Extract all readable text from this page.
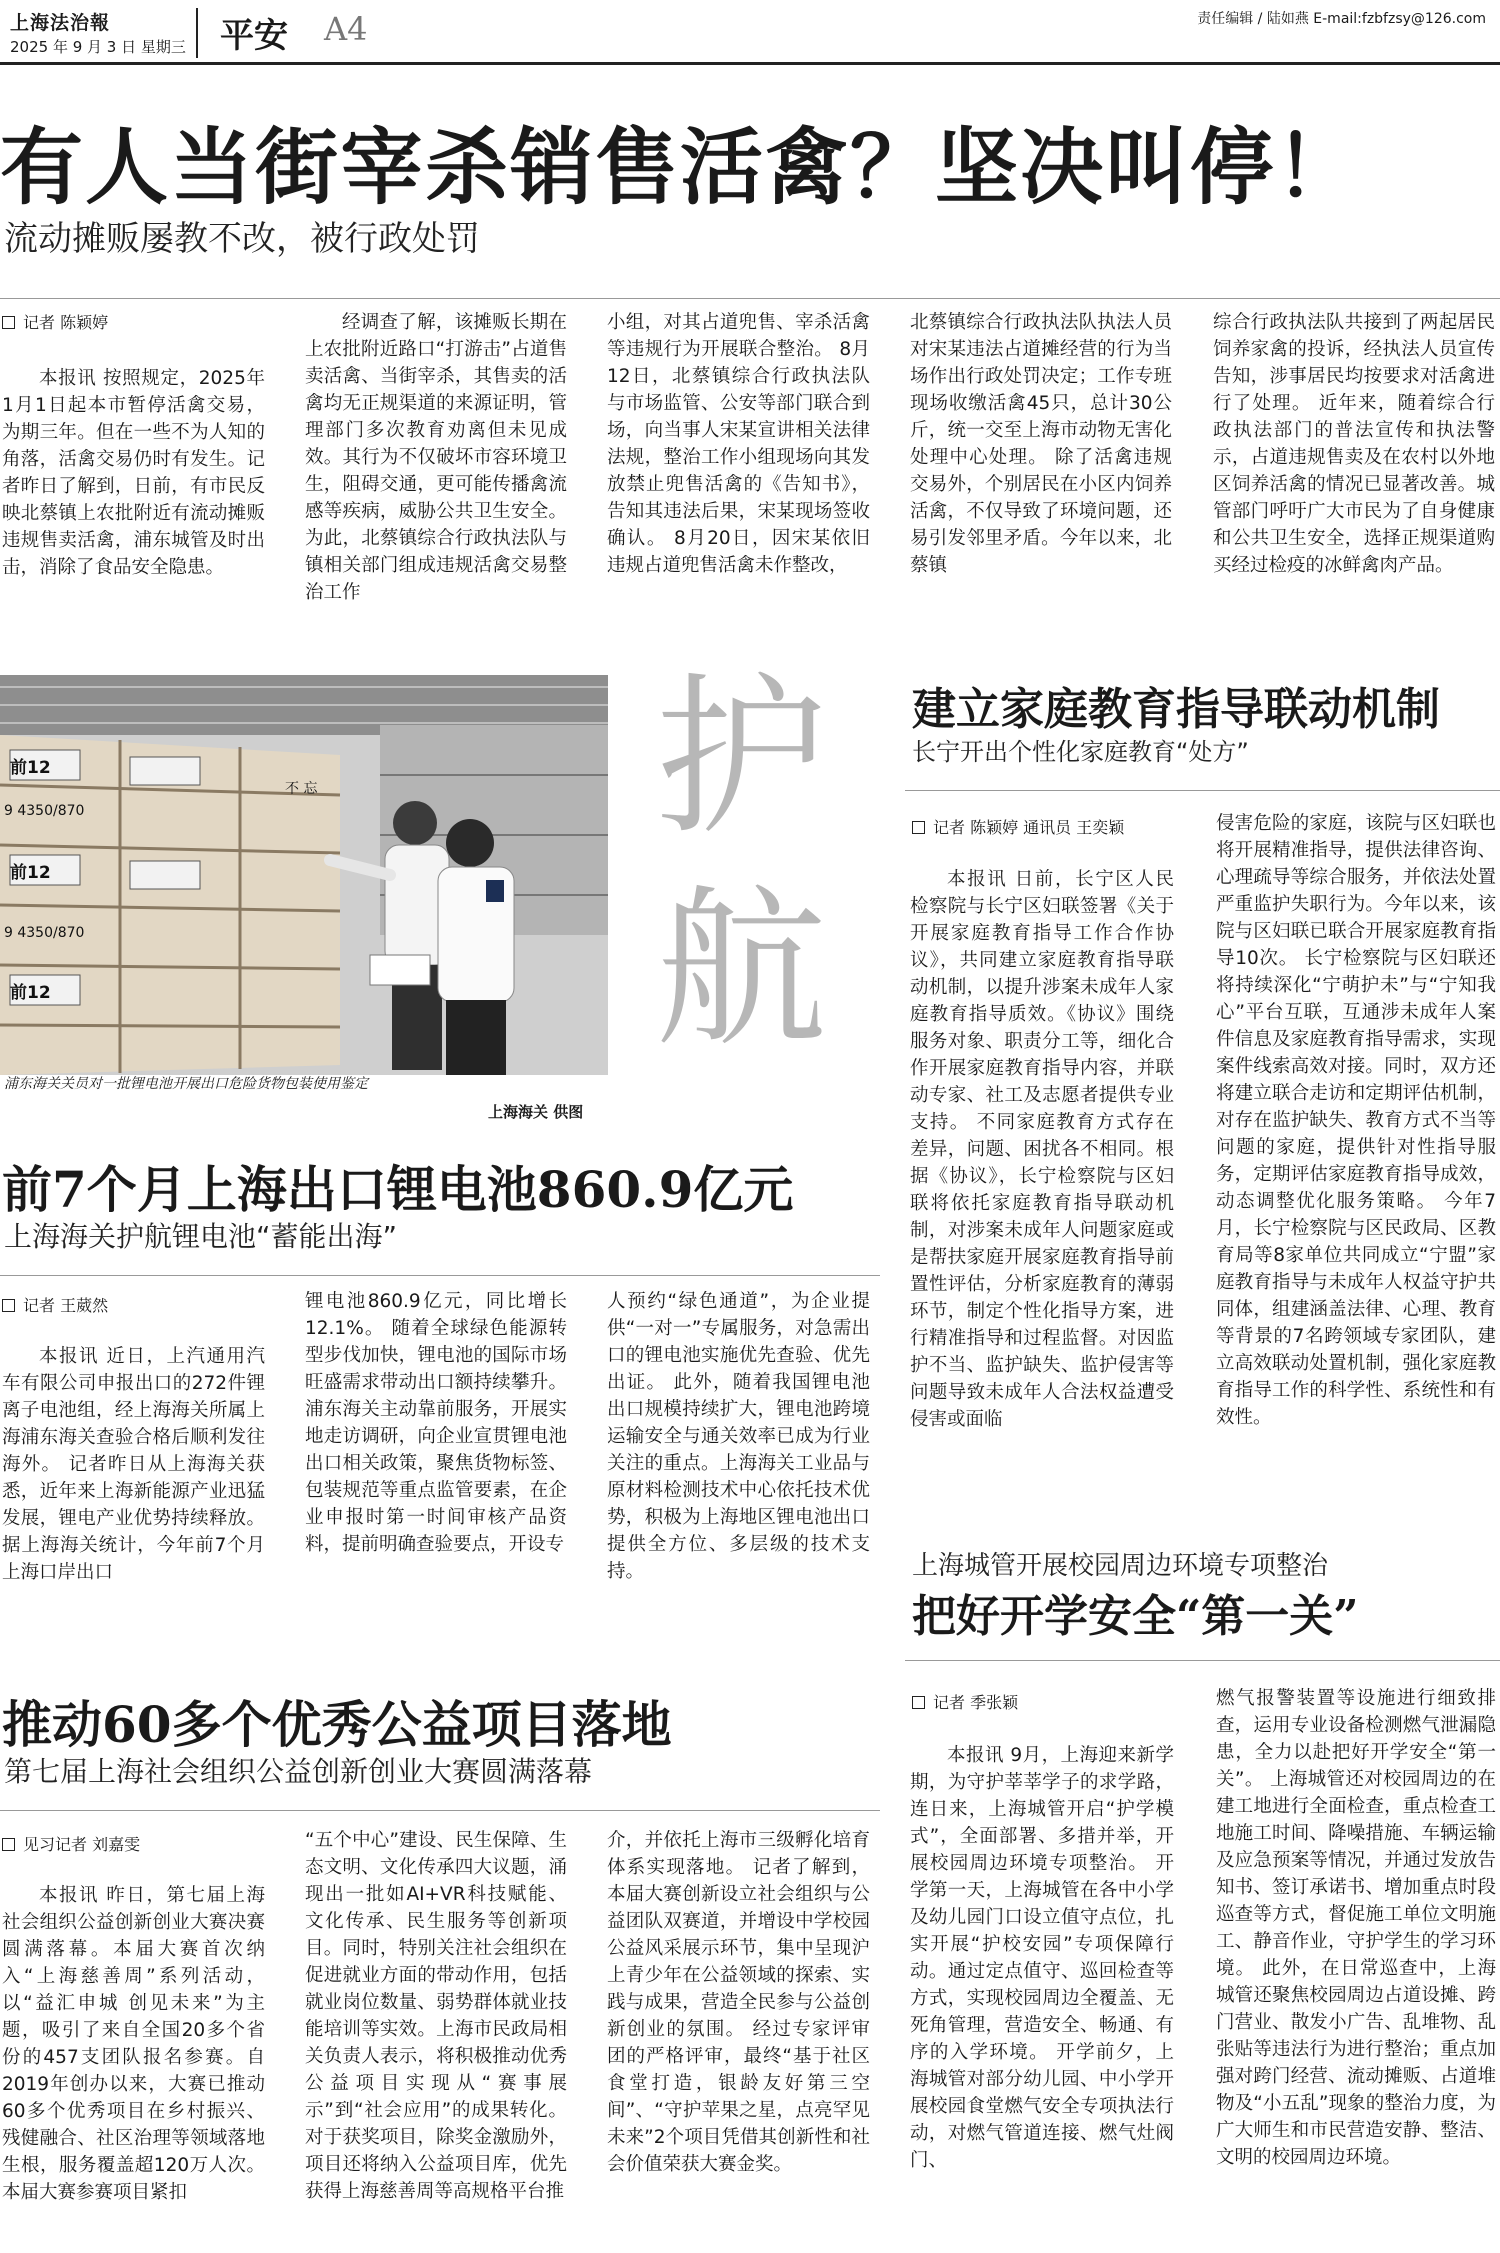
上海法治報
2025 年 9 月 3 日 星期三 平安 A4	责任编辑 / 陆如燕 E-mail:fzbfzsy@126.com
有人当街宰杀销售活禽？坚决叫停！
流动摊贩屡教不改，被行政处罚
记者 陈颖婷

本报讯 按照规定，2025年1月1日起本市暂停活禽交易，为期三年。但在一些不为人知的角落，活禽交易仍时有发生。记者昨日了解到，日前，有市民反映北蔡镇上农批附近有流动摊贩违规售卖活禽，浦东城管及时出击，消除了食品安全隐患。

经调查了解，该摊贩长期在上农批附近路口“打游击”占道售卖活禽、当街宰杀，其售卖的活禽均无正规渠道的来源证明，管理部门多次教育劝离但未见成效。其行为不仅破坏市容环境卫生，阻碍交通，更可能传播禽流感等疾病，威胁公共卫生安全。为此，北蔡镇综合行政执法队与镇相关部门组成违规活禽交易整治工作

小组，对其占道兜售、宰杀活禽等违规行为开展联合整治。 8月12日，北蔡镇综合行政执法队与市场监管、公安等部门联合到场，向当事人宋某宣讲相关法律法规，整治工作小组现场向其发放禁止兜售活禽的《告知书》，告知其违法后果，宋某现场签收确认。 8月20日，因宋某依旧违规占道兜售活禽未作整改，

北蔡镇综合行政执法队执法人员对宋某违法占道摊经营的行为当场作出行政处罚决定；工作专班现场收缴活禽45只，总计30公斤，统一交至上海市动物无害化处理中心处理。 除了活禽违规交易外，个别居民在小区内饲养活禽，不仅导致了环境问题，还易引发邻里矛盾。今年以来，北蔡镇

综合行政执法队共接到了两起居民饲养家禽的投诉，经执法人员宣传告知，涉事居民均按要求对活禽进行了处理。 近年来，随着综合行政执法部门的普法宣传和执法警示，占道违规售卖及在农村以外地区饲养活禽的情况已显著改善。城管部门呼吁广大市民为了自身健康和公共卫生安全，选择正规渠道购买经过检疫的冰鲜禽肉产品。

前12
前12
前12
9 4350/870
9 4350/870
不 忘
浦东海关关员对一批锂电池开展出口危险货物包装使用鉴定
上海海关 供图
护
航
前7个月上海出口锂电池860.9亿元
上海海关护航锂电池“蓄能出海”
记者 王葳然

本报讯 近日，上汽通用汽车有限公司申报出口的272件锂离子电池组，经上海海关所属上海浦东海关查验合格后顺利发往海外。 记者昨日从上海海关获悉，近年来上海新能源产业迅猛发展，锂电产业优势持续释放。据上海海关统计，今年前7个月上海口岸出口

锂电池860.9亿元，同比增长12.1%。 随着全球绿色能源转型步伐加快，锂电池的国际市场旺盛需求带动出口额持续攀升。浦东海关主动靠前服务，开展实地走访调研，向企业宣贯锂电池出口相关政策，聚焦货物标签、包装规范等重点监管要素，在企业申报时第一时间审核产品资料，提前明确查验要点，开设专

人预约“绿色通道”，为企业提供“一对一”专属服务，对急需出口的锂电池实施优先查验、优先出证。 此外，随着我国锂电池出口规模持续扩大，锂电池跨境运输安全与通关效率已成为行业关注的重点。上海海关工业品与原材料检测技术中心依托技术优势，积极为上海地区锂电池出口提供全方位、多层级的技术支持。

建立家庭教育指导联动机制
长宁开出个性化家庭教育“处方”
记者 陈颖婷 通讯员 王奕颖

本报讯 日前，长宁区人民检察院与长宁区妇联签署《关于开展家庭教育指导工作合作协议》，共同建立家庭教育指导联动机制，以提升涉案未成年人家庭教育指导质效。《协议》围绕服务对象、职责分工等，细化合作开展家庭教育指导内容，并联动专家、社工及志愿者提供专业支持。 不同家庭教育方式存在差异，问题、困扰各不相同。根据《协议》，长宁检察院与区妇联将依托家庭教育指导联动机制，对涉案未成年人问题家庭或是帮扶家庭开展家庭教育指导前置性评估，分析家庭教育的薄弱环节，制定个性化指导方案，进行精准指导和过程监督。对因监护不当、监护缺失、监护侵害等问题导致未成年人合法权益遭受侵害或面临

侵害危险的家庭，该院与区妇联也将开展精准指导，提供法律咨询、心理疏导等综合服务，并依法处置严重监护失职行为。今年以来，该院与区妇联已联合开展家庭教育指导10次。 长宁检察院与区妇联还将持续深化“宁萌护未”与“宁知我心”平台互联，互通涉未成年人案件信息及家庭教育指导需求，实现案件线索高效对接。同时，双方还将建立联合走访和定期评估机制，对存在监护缺失、教育方式不当等问题的家庭，提供针对性指导服务，定期评估家庭教育指导成效，动态调整优化服务策略。 今年7月，长宁检察院与区民政局、区教育局等8家单位共同成立“宁盟”家庭教育指导与未成年人权益守护共同体，组建涵盖法律、心理、教育等背景的7名跨领域专家团队，建立高效联动处置机制，强化家庭教育指导工作的科学性、系统性和有效性。

上海城管开展校园周边环境专项整治
把好开学安全“第一关”
记者 季张颖

本报讯 9月，上海迎来新学期，为守护莘莘学子的求学路，连日来，上海城管开启“护学模式”，全面部署、多措并举，开展校园周边环境专项整治。 开学第一天，上海城管在各中小学及幼儿园门口设立值守点位，扎实开展“护校安园”专项保障行动。通过定点值守、巡回检查等方式，实现校园周边全覆盖、无死角管理，营造安全、畅通、有序的入学环境。 开学前夕，上海城管对部分幼儿园、中小学开展校园食堂燃气安全专项执法行动，对燃气管道连接、燃气灶阀门、

燃气报警装置等设施进行细致排查，运用专业设备检测燃气泄漏隐患，全力以赴把好开学安全“第一关”。 上海城管还对校园周边的在建工地进行全面检查，重点检查工地施工时间、降噪措施、车辆运输及应急预案等情况，并通过发放告知书、签订承诺书、增加重点时段巡查等方式，督促施工单位文明施工、静音作业，守护学生的学习环境。 此外，在日常巡查中，上海城管还聚焦校园周边占道设摊、跨门营业、散发小广告、乱堆物、乱张贴等违法行为进行整治；重点加强对跨门经营、流动摊贩、占道堆物及“小五乱”现象的整治力度，为广大师生和市民营造安静、整洁、文明的校园周边环境。

推动60多个优秀公益项目落地
第七届上海社会组织公益创新创业大赛圆满落幕
见习记者 刘嘉雯

本报讯 昨日，第七届上海社会组织公益创新创业大赛决赛圆满落幕。本届大赛首次纳入“上海慈善周”系列活动，以“益汇申城 创见未来”为主题，吸引了来自全国20多个省份的457支团队报名参赛。自2019年创办以来，大赛已推动60多个优秀项目在乡村振兴、残健融合、社区治理等领域落地生根，服务覆盖超120万人次。 本届大赛参赛项目紧扣

“五个中心”建设、民生保障、生态文明、文化传承四大议题，涌现出一批如AI+VR科技赋能、文化传承、民生服务等创新项目。同时，特别关注社会组织在促进就业方面的带动作用，包括就业岗位数量、弱势群体就业技能培训等实效。上海市民政局相关负责人表示，将积极推动优秀公益项目实现从“赛事展示”到“社会应用”的成果转化。对于获奖项目，除奖金激励外，项目还将纳入公益项目库，优先获得上海慈善周等高规格平台推

介，并依托上海市三级孵化培育体系实现落地。 记者了解到，本届大赛创新设立社会组织与公益团队双赛道，并增设中学校园公益风采展示环节，集中呈现沪上青少年在公益领域的探索、实践与成果，营造全民参与公益创新创业的氛围。 经过专家评审团的严格评审，最终“基于社区食堂打造，银龄友好第三空间”、“守护苹果之星，点亮罕见未来”2个项目凭借其创新性和社会价值荣获大赛金奖。
